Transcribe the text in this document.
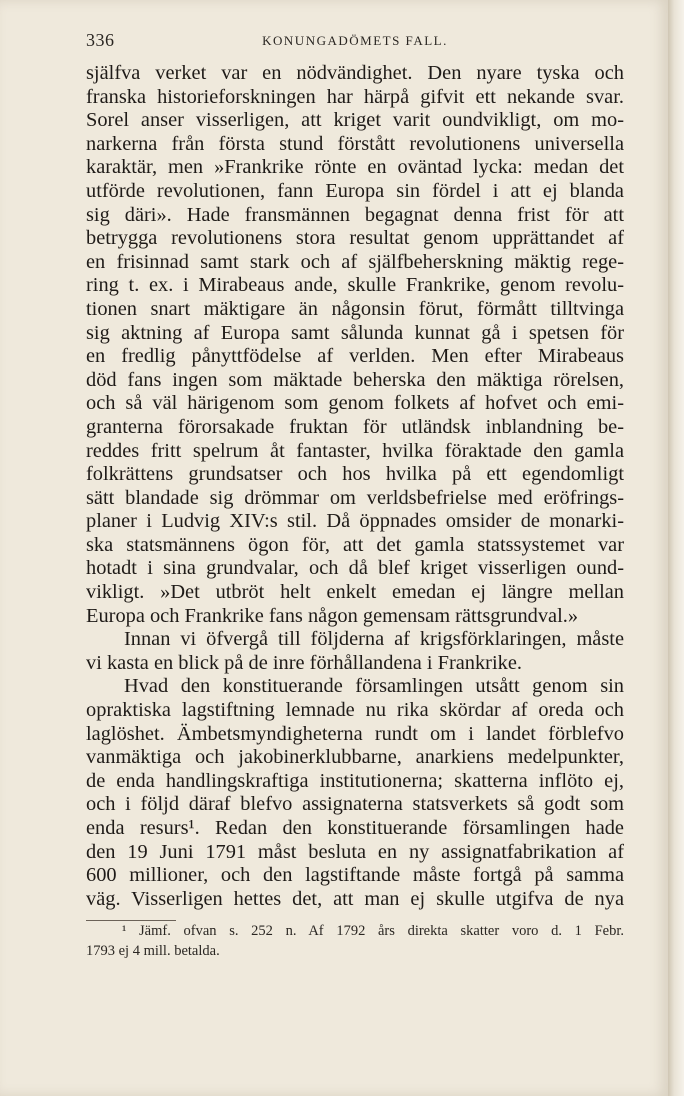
336	KONUNGADÖMETS FALL.
själfva verket var en nödvändighet. Den nyare tyska och
franska historieforskningen har härpå gifvit ett nekande svar.
Sorel anser visserligen, att kriget varit oundvikligt, om mo-
narkerna från första stund förstått revolutionens universella
karaktär, men »Frankrike rönte en oväntad lycka: medan det
utförde revolutionen, fann Europa sin fördel i att ej blanda
sig däri». Hade fransmännen begagnat denna frist för att
betrygga revolutionens stora resultat genom upprättandet af
en frisinnad samt stark och af själfbeherskning mäktig rege-
ring t. ex. i Mirabeaus ande, skulle Frankrike, genom revolu-
tionen snart mäktigare än någonsin förut, förmått tilltvinga
sig aktning af Europa samt sålunda kunnat gå i spetsen för
en fredlig pånyttfödelse af verlden. Men efter Mirabeaus
död fans ingen som mäktade beherska den mäktiga rörelsen,
och så väl härigenom som genom folkets af hofvet och emi-
granterna förorsakade fruktan för utländsk inblandning be-
reddes fritt spelrum åt fantaster, hvilka föraktade den gamla
folkrättens grundsatser och hos hvilka på ett egendomligt
sätt blandade sig drömmar om verldsbefrielse med eröfrings-
planer i Ludvig XIV:s stil. Då öppnades omsider de monarki-
ska statsmännens ögon för, att det gamla statssystemet var
hotadt i sina grundvalar, och då blef kriget visserligen ound-
vikligt. »Det utbröt helt enkelt emedan ej längre mellan
Europa och Frankrike fans någon gemensam rättsgrundval.»
Innan vi öfvergå till följderna af krigsförklaringen, måste
vi kasta en blick på de inre förhållandena i Frankrike.
Hvad den konstituerande församlingen utsått genom sin
opraktiska lagstiftning lemnade nu rika skördar af oreda och
laglöshet. Ämbetsmyndigheterna rundt om i landet förblefvo
vanmäktiga och jakobinerklubbarne, anarkiens medelpunkter,
de enda handlingskraftiga institutionerna; skatterna inflöto ej,
och i följd däraf blefvo assignaterna statsverkets så godt som
enda resurs¹. Redan den konstituerande församlingen hade
den 19 Juni 1791 måst besluta en ny assignatfabrikation af
600 millioner, och den lagstiftande måste fortgå på samma
väg. Visserligen hettes det, att man ej skulle utgifva de nya
¹ Jämf. ofvan s. 252 n. Af 1792 års direkta skatter voro d. 1 Febr.
1793 ej 4 mill. betalda.
